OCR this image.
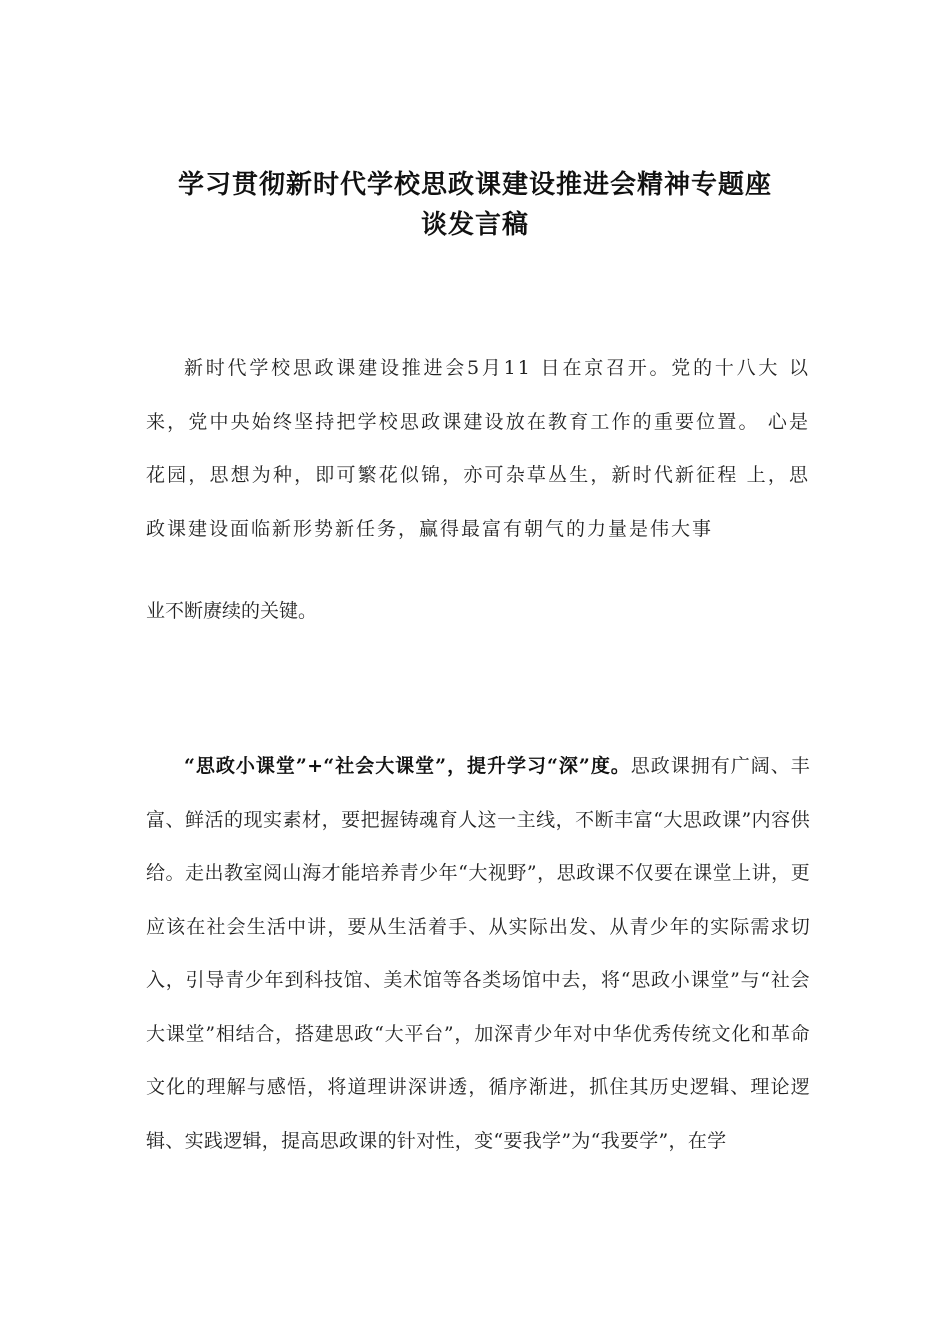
学习贯彻新时代学校思政课建设推进会精神专题座
谈发言稿

新时代学校思政课建设推进会5月11 日在京召开。党的十八大 以来，党中央始终坚持把学校思政课建设放在教育工作的重要位置。 心是花园，思想为种，即可繁花似锦，亦可杂草丛生，新时代新征程 上，思政课建设面临新形势新任务，赢得最富有朝气的力量是伟大事

业不断赓续的关键。

“思政小课堂”+“社会大课堂”，提升学习“深”度。思政课拥有广阔、丰富、鲜活的现实素材，要把握铸魂育人这一主线，不断丰富“大思政课”内容供给。走出教室阅山海才能培养青少年“大视野”，思政课不仅要在课堂上讲，更应该在社会生活中讲，要从生活着手、从实际出发、从青少年的实际需求切入，引导青少年到科技馆、美术馆等各类场馆中去，将“思政小课堂”与“社会大课堂”相结合，搭建思政“大平台”，加深青少年对中华优秀传统文化和革命文化的理解与感悟，将道理讲深讲透，循序渐进，抓住其历史逻辑、理论逻辑、实践逻辑，提高思政课的针对性，变“要我学”为“我要学”，在学
